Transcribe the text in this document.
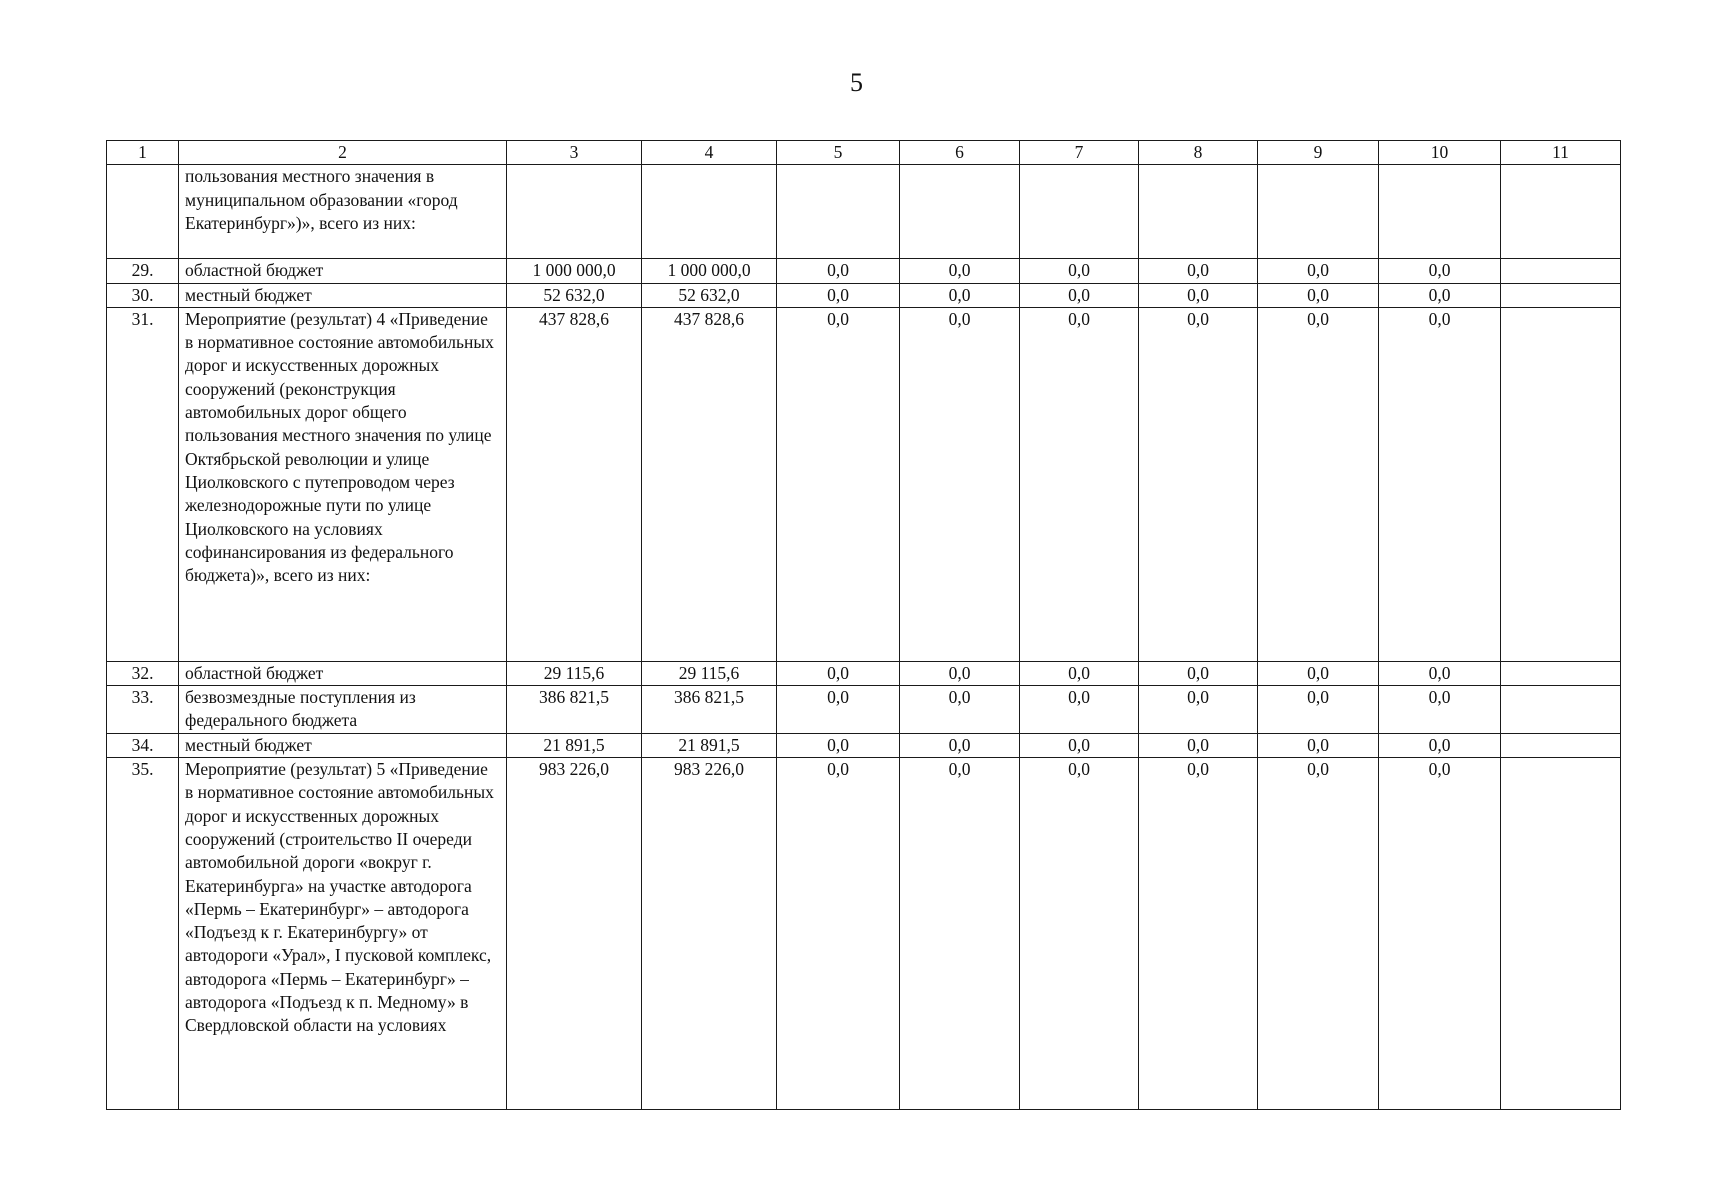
5
1	2	3	4	5	6	7	8	9	10	11
	пользования местного значения в муниципальном образовании «город Екатеринбург»)», всего из них:									
29.	областной бюджет	1 000 000,0	1 000 000,0	0,0	0,0	0,0	0,0	0,0	0,0	
30.	местный бюджет	52 632,0	52 632,0	0,0	0,0	0,0	0,0	0,0	0,0	
31.	Мероприятие (результат) 4 «Приведение в нормативное состояние автомобильных дорог и искусственных дорожных сооружений (реконструкция автомобильных дорог общего пользования местного значения по улице Октябрьской революции и улице Циолковского с путепроводом через железнодорожные пути по улице Циолковского на условиях софинансирования из федерального бюджета)», всего из них:	437 828,6	437 828,6	0,0	0,0	0,0	0,0	0,0	0,0	
32.	областной бюджет	29 115,6	29 115,6	0,0	0,0	0,0	0,0	0,0	0,0	
33.	безвозмездные поступления из федерального бюджета	386 821,5	386 821,5	0,0	0,0	0,0	0,0	0,0	0,0	
34.	местный бюджет	21 891,5	21 891,5	0,0	0,0	0,0	0,0	0,0	0,0	
35.	Мероприятие (результат) 5 «Приведение в нормативное состояние автомобильных дорог и искусственных дорожных сооружений (строительство II очереди автомобильной дороги «вокруг г. Екатеринбурга» на участке автодорога «Пермь – Екатеринбург» – автодорога «Подъезд к г. Екатеринбургу» от автодороги «Урал», I пусковой комплекс, автодорога «Пермь – Екатеринбург» – автодорога «Подъезд к п. Медному» в Свердловской области на условиях	983 226,0	983 226,0	0,0	0,0	0,0	0,0	0,0	0,0	
